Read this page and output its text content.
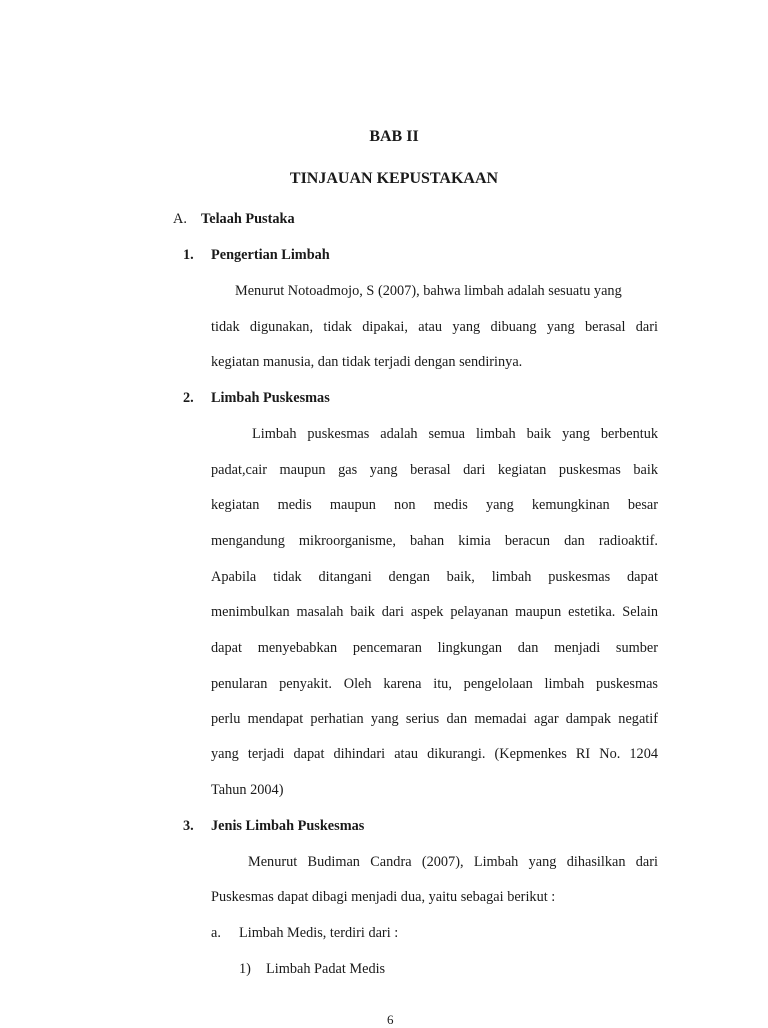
BAB II
TINJAUAN KEPUSTAKAAN
A. Telaah Pustaka
1. Pengertian Limbah
Menurut Notoadmojo, S (2007), bahwa limbah adalah sesuatu yang
tidak digunakan, tidak dipakai, atau yang dibuang yang berasal dari
kegiatan manusia, dan tidak terjadi dengan sendirinya.
2. Limbah Puskesmas
Limbah puskesmas adalah semua limbah baik yang berbentuk
padat,cair maupun gas yang berasal dari kegiatan puskesmas baik
kegiatan medis maupun non medis yang kemungkinan besar
mengandung mikroorganisme, bahan kimia beracun dan radioaktif.
Apabila tidak ditangani dengan baik, limbah puskesmas dapat
menimbulkan masalah baik dari aspek pelayanan maupun estetika. Selain
dapat menyebabkan pencemaran lingkungan dan menjadi sumber
penularan penyakit. Oleh karena itu, pengelolaan limbah puskesmas
perlu mendapat perhatian yang serius dan memadai agar dampak negatif
yang terjadi dapat dihindari atau dikurangi. (Kepmenkes RI No. 1204
Tahun 2004)
3. Jenis Limbah Puskesmas
Menurut Budiman Candra (2007), Limbah yang dihasilkan dari
Puskesmas dapat dibagi menjadi dua, yaitu sebagai berikut :
a. Limbah Medis, terdiri dari :
1) Limbah Padat Medis
6
